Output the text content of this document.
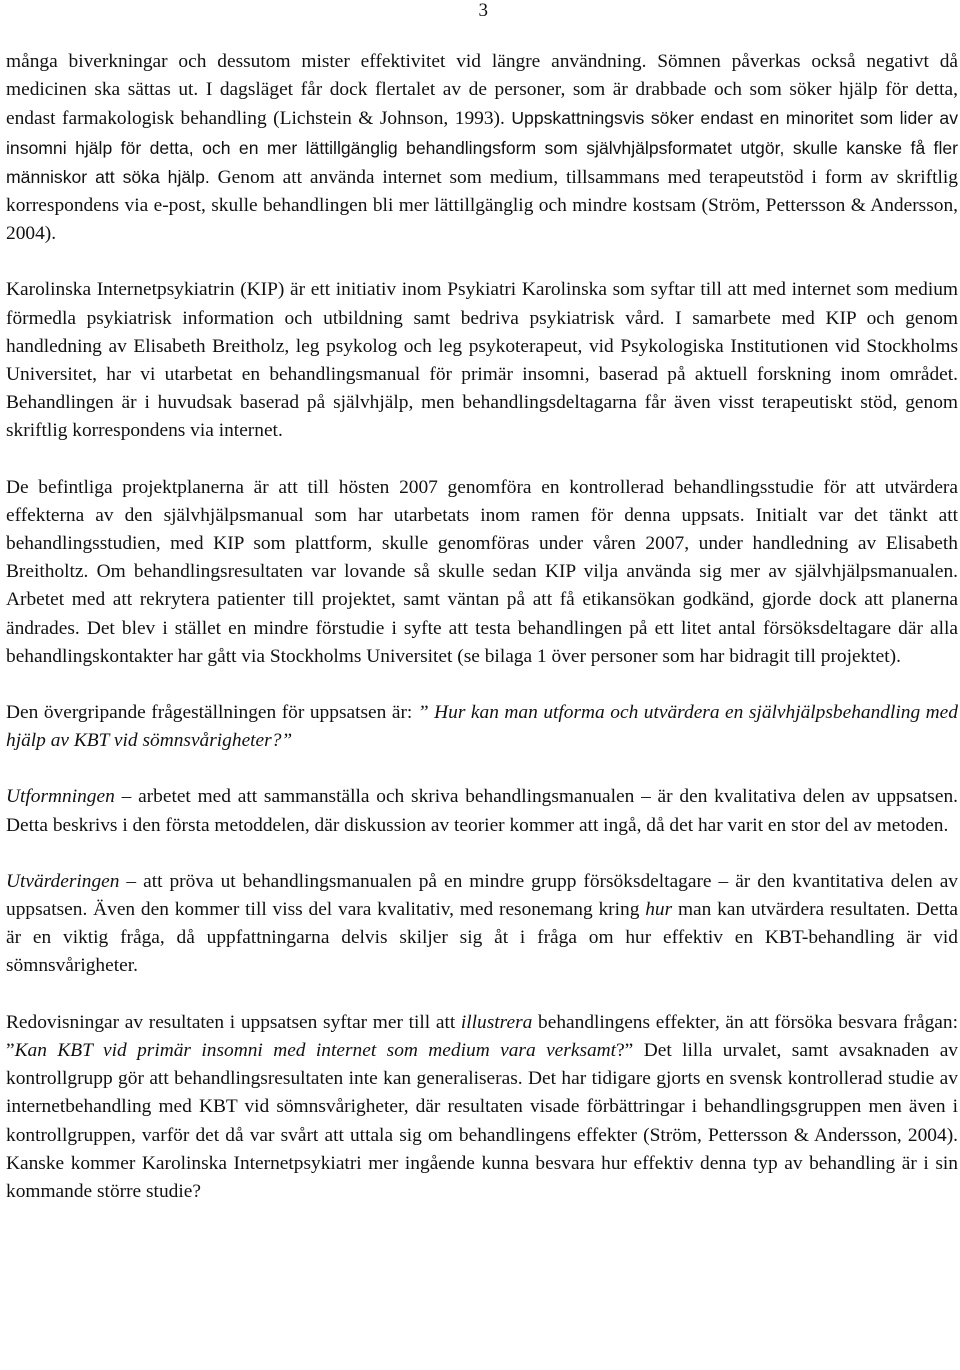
3

många biverkningar och dessutom mister effektivitet vid längre användning. Sömnen påverkas också negativt då medicinen ska sättas ut. I dagsläget får dock flertalet av de personer, som är drabbade och som söker hjälp för detta, endast farmakologisk behandling (Lichstein & Johnson, 1993). Uppskattningsvis söker endast en minoritet som lider av insomni hjälp för detta, och en mer lättillgänglig behandlingsform som självhjälpsformatet utgör, skulle kanske få fler människor att söka hjälp. Genom att använda internet som medium, tillsammans med terapeutstöd i form av skriftlig korrespondens via e-post, skulle behandlingen bli mer lättillgänglig och mindre kostsam (Ström, Pettersson & Andersson, 2004).

Karolinska Internetpsykiatrin (KIP) är ett initiativ inom Psykiatri Karolinska som syftar till att med internet som medium förmedla psykiatrisk information och utbildning samt bedriva psykiatrisk vård. I samarbete med KIP och genom handledning av Elisabeth Breitholz, leg psykolog och leg psykoterapeut, vid Psykologiska Institutionen vid Stockholms Universitet, har vi utarbetat en behandlingsmanual för primär insomni, baserad på aktuell forskning inom området. Behandlingen är i huvudsak baserad på självhjälp, men behandlingsdeltagarna får även visst terapeutiskt stöd, genom skriftlig korrespondens via internet.

De befintliga projektplanerna är att till hösten 2007 genomföra en kontrollerad behandlingsstudie för att utvärdera effekterna av den självhjälpsmanual som har utarbetats inom ramen för denna uppsats. Initialt var det tänkt att behandlingsstudien, med KIP som plattform, skulle genomföras under våren 2007, under handledning av Elisabeth Breitholtz. Om behandlingsresultaten var lovande så skulle sedan KIP vilja använda sig mer av självhjälpsmanualen. Arbetet med att rekrytera patienter till projektet, samt väntan på att få etikansökan godkänd, gjorde dock att planerna ändrades. Det blev i stället en mindre förstudie i syfte att testa behandlingen på ett litet antal försöksdeltagare där alla behandlingskontakter har gått via Stockholms Universitet (se bilaga 1 över personer som har bidragit till projektet).

Den övergripande frågeställningen för uppsatsen är: ” Hur kan man utforma och utvärdera en självhjälpsbehandling med hjälp av KBT vid sömnsvårigheter?”

Utformningen – arbetet med att sammanställa och skriva behandlingsmanualen – är den kvalitativa delen av uppsatsen. Detta beskrivs i den första metoddelen, där diskussion av teorier kommer att ingå, då det har varit en stor del av metoden.

Utvärderingen – att pröva ut behandlingsmanualen på en mindre grupp försöksdeltagare – är den kvantitativa delen av uppsatsen. Även den kommer till viss del vara kvalitativ, med resonemang kring hur man kan utvärdera resultaten. Detta är en viktig fråga, då uppfattningarna delvis skiljer sig åt i fråga om hur effektiv en KBT-behandling är vid sömnsvårigheter.

Redovisningar av resultaten i uppsatsen syftar mer till att illustrera behandlingens effekter, än att försöka besvara frågan: ”Kan KBT vid primär insomni med internet som medium vara verksamt?” Det lilla urvalet, samt avsaknaden av kontrollgrupp gör att behandlingsresultaten inte kan generaliseras. Det har tidigare gjorts en svensk kontrollerad studie av internetbehandling med KBT vid sömnsvårigheter, där resultaten visade förbättringar i behandlingsgruppen men även i kontrollgruppen, varför det då var svårt att uttala sig om behandlingens effekter (Ström, Pettersson & Andersson, 2004). Kanske kommer Karolinska Internetpsykiatri mer ingående kunna besvara hur effektiv denna typ av behandling är i sin kommande större studie?
